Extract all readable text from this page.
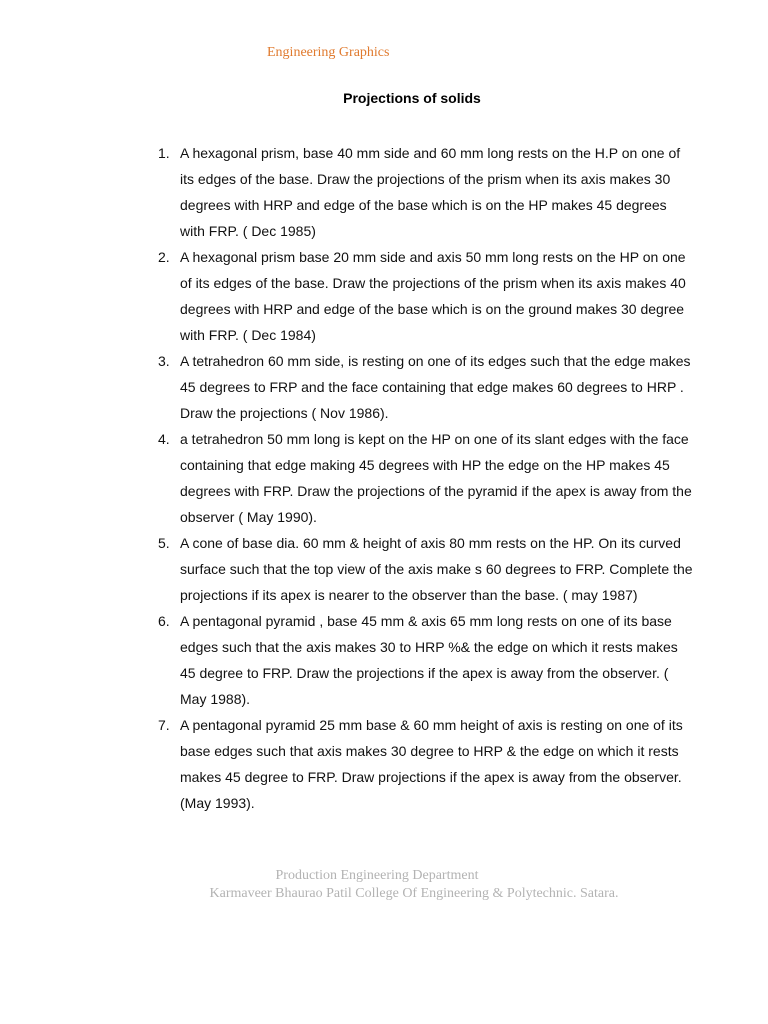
Engineering Graphics
Projections of solids
1. A hexagonal prism, base 40 mm side and 60 mm long rests on the H.P on one of its edges of the base. Draw the projections of the prism when its axis makes 30 degrees with HRP and edge of the base which is on the HP makes 45 degrees with FRP. ( Dec 1985)
2. A hexagonal prism base 20 mm side and axis 50 mm long rests on the HP on one of its edges of the base. Draw the projections of the prism when its axis makes 40 degrees with HRP and edge of the base which is on the ground makes 30 degree with FRP. ( Dec 1984)
3. A tetrahedron 60 mm side, is resting on one of its edges such that the edge makes 45 degrees to FRP and the face containing that edge makes 60 degrees to HRP . Draw the projections ( Nov 1986).
4. a tetrahedron 50 mm long is kept on the HP on one of its slant edges with the face containing that edge making 45 degrees with HP the edge on the HP makes 45 degrees with FRP. Draw the projections of the pyramid if the apex is away from the observer ( May 1990).
5. A cone of base dia. 60 mm & height of axis 80 mm rests on the HP. On its curved surface such that the top view of the axis make s 60 degrees to FRP. Complete the projections if its apex is nearer to the observer than the base. ( may 1987)
6. A pentagonal pyramid , base 45 mm & axis 65 mm long rests on one of its base edges such that the axis makes 30 to HRP %& the edge on which it rests makes 45 degree to FRP. Draw the projections if the apex is away from the observer. ( May 1988).
7. A pentagonal pyramid 25 mm base & 60 mm height of axis is resting on one of its base edges such that axis makes 30 degree to HRP & the edge on which it rests makes 45 degree to FRP. Draw projections if the apex is away from the observer. (May 1993).
Production Engineering Department
Karmaveer Bhaurao Patil College Of Engineering & Polytechnic. Satara.
